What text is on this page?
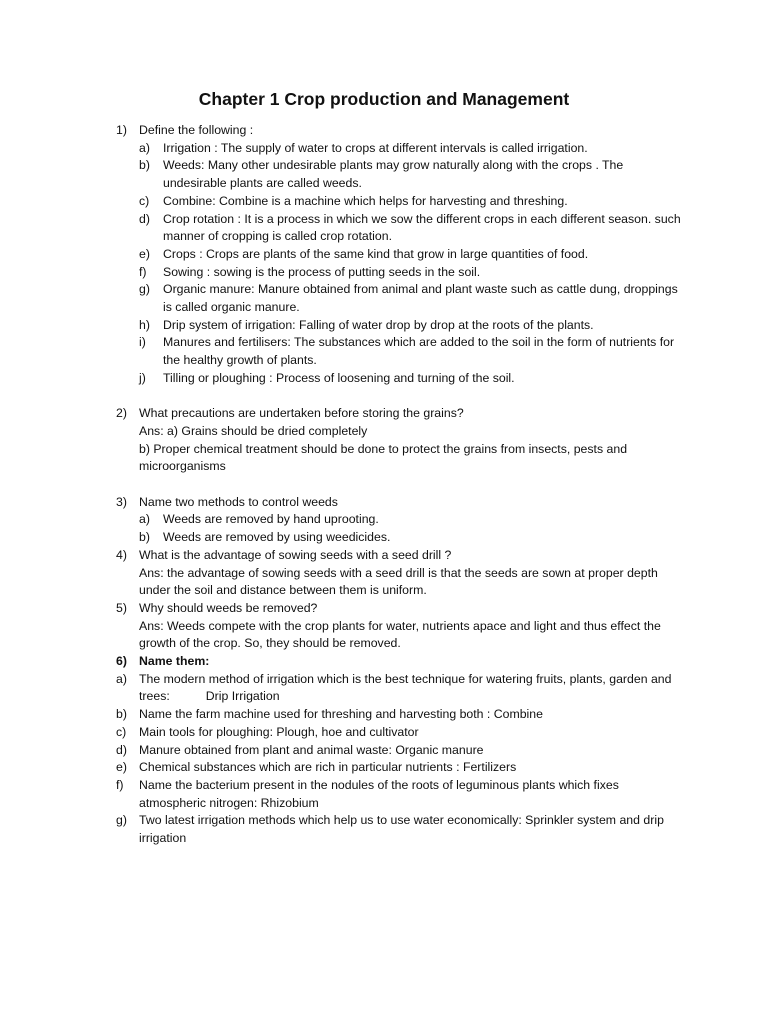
Chapter 1 Crop production and Management
1) Define the following :
a) Irrigation : The supply of water to crops at different intervals is called irrigation.
b) Weeds: Many other undesirable plants may grow naturally along with the crops . The undesirable plants are called weeds.
c) Combine: Combine is a machine which helps for harvesting and threshing.
d) Crop rotation : It is a process in which we sow the different crops in each different season. such manner of cropping is called crop rotation.
e) Crops : Crops are plants of the same kind that grow in large quantities of food.
f) Sowing : sowing is the process of putting seeds in the soil.
g) Organic manure: Manure obtained from animal and plant waste such as cattle dung, droppings is called organic manure.
h) Drip system of irrigation: Falling of water drop by drop at the roots of the plants.
i) Manures and fertilisers: The substances which are added to the soil in the form of nutrients for the healthy growth of plants.
j) Tilling or ploughing : Process of loosening and turning of the soil.
2) What precautions are undertaken before storing the grains?
Ans: a) Grains should be dried completely
b) Proper chemical treatment should be done to protect the grains from insects, pests and microorganisms
3) Name two methods to control weeds
a) Weeds are removed by hand uprooting.
b) Weeds are removed by using weedicides.
4) What is the advantage of sowing seeds with a seed drill ?
Ans: the advantage of sowing seeds with a seed drill is that the seeds are sown at proper depth under the soil and distance between them is uniform.
5) Why should weeds be removed?
Ans: Weeds compete with the crop plants for water, nutrients apace and light and thus effect the growth of the crop. So, they should be removed.
6) Name them:
a) The modern method of irrigation which is the best technique for watering fruits, plants, garden and trees:	Drip Irrigation
b) Name the farm machine used for threshing and harvesting both : Combine
c) Main tools for ploughing: Plough, hoe and cultivator
d) Manure obtained from plant and animal waste: Organic manure
e) Chemical substances which are rich in particular nutrients : Fertilizers
f) Name the bacterium present in the nodules of the roots of leguminous plants which fixes atmospheric nitrogen: Rhizobium
g) Two latest irrigation methods which help us to use water economically: Sprinkler system and drip irrigation
